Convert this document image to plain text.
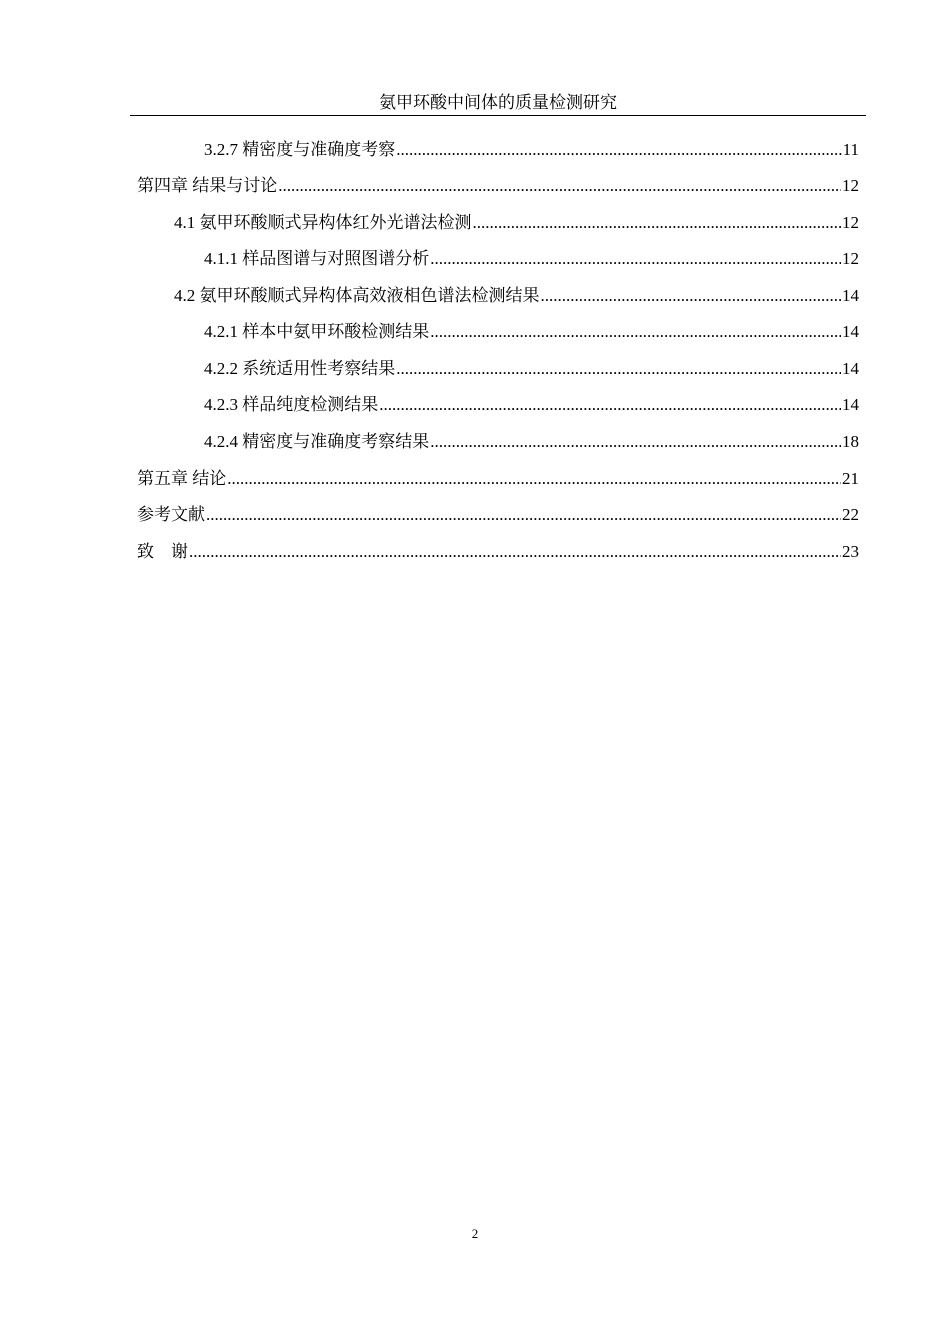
氨甲环酸中间体的质量检测研究
3.2.7 精密度与准确度考察 .....	11
第四章 结果与讨论 .....	12
4.1 氨甲环酸顺式异构体红外光谱法检测 .....	12
4.1.1 样品图谱与对照图谱分析 .....	12
4.2 氨甲环酸顺式异构体高效液相色谱法检测结果 .....	14
4.2.1 样本中氨甲环酸检测结果 .....	14
4.2.2 系统适用性考察结果 .....	14
4.2.3 样品纯度检测结果 .....	14
4.2.4 精密度与准确度考察结果 .....	18
第五章 结论 .....	21
参考文献 .....	22
致    谢 .....	23
2
